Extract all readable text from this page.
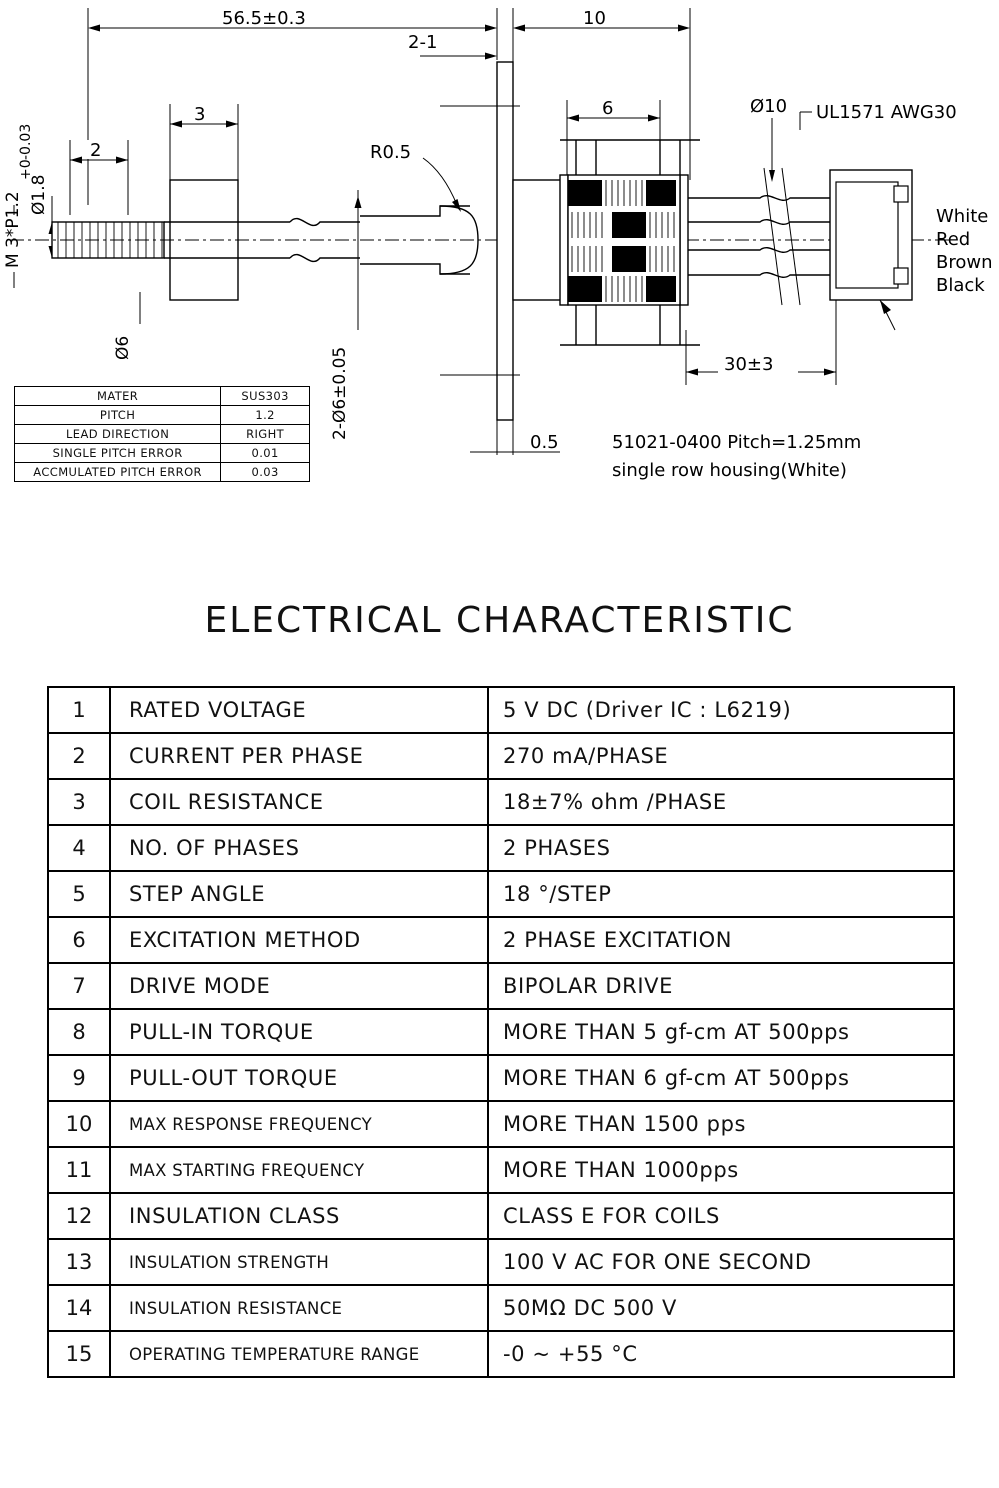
56.5±0.3	10
2-1
6	Ø10 UL1571 AWG30
2
Ø1.8
+0
-0.03
M 3*P1.2
3
R0.5
Ø6	2-Ø6±0.05
0.5
30±3
White
Red
Brown
Black
51021-0400 Pitch=1.25mm
single row housing(White)
MATER	SUS303
PITCH	1.2
LEAD DIRECTION	RIGHT
SINGLE PITCH ERROR	0.01
ACCMULATED PITCH ERROR	0.03
ELECTRICAL CHARACTERISTIC
1	RATED VOLTAGE	5 V DC (Driver IC : L6219)
2	CURRENT PER PHASE	270 mA/PHASE
3	COIL RESISTANCE	18±7% ohm /PHASE
4	NO. OF PHASES	2 PHASES
5	STEP ANGLE	18 °/STEP
6	EXCITATION METHOD	2 PHASE EXCITATION
7	DRIVE MODE	BIPOLAR DRIVE
8	PULL-IN TORQUE	MORE THAN 5 gf-cm AT 500pps
9	PULL-OUT TORQUE	MORE THAN 6 gf-cm AT 500pps
10	MAX RESPONSE FREQUENCY	MORE THAN 1500 pps
11	MAX STARTING FREQUENCY	MORE THAN 1000pps
12	INSULATION CLASS	CLASS E FOR COILS
13	INSULATION STRENGTH	100 V AC FOR ONE SECOND
14	INSULATION RESISTANCE	50MΩ DC 500 V
15	OPERATING TEMPERATURE RANGE	-0 ~ +55 °C
